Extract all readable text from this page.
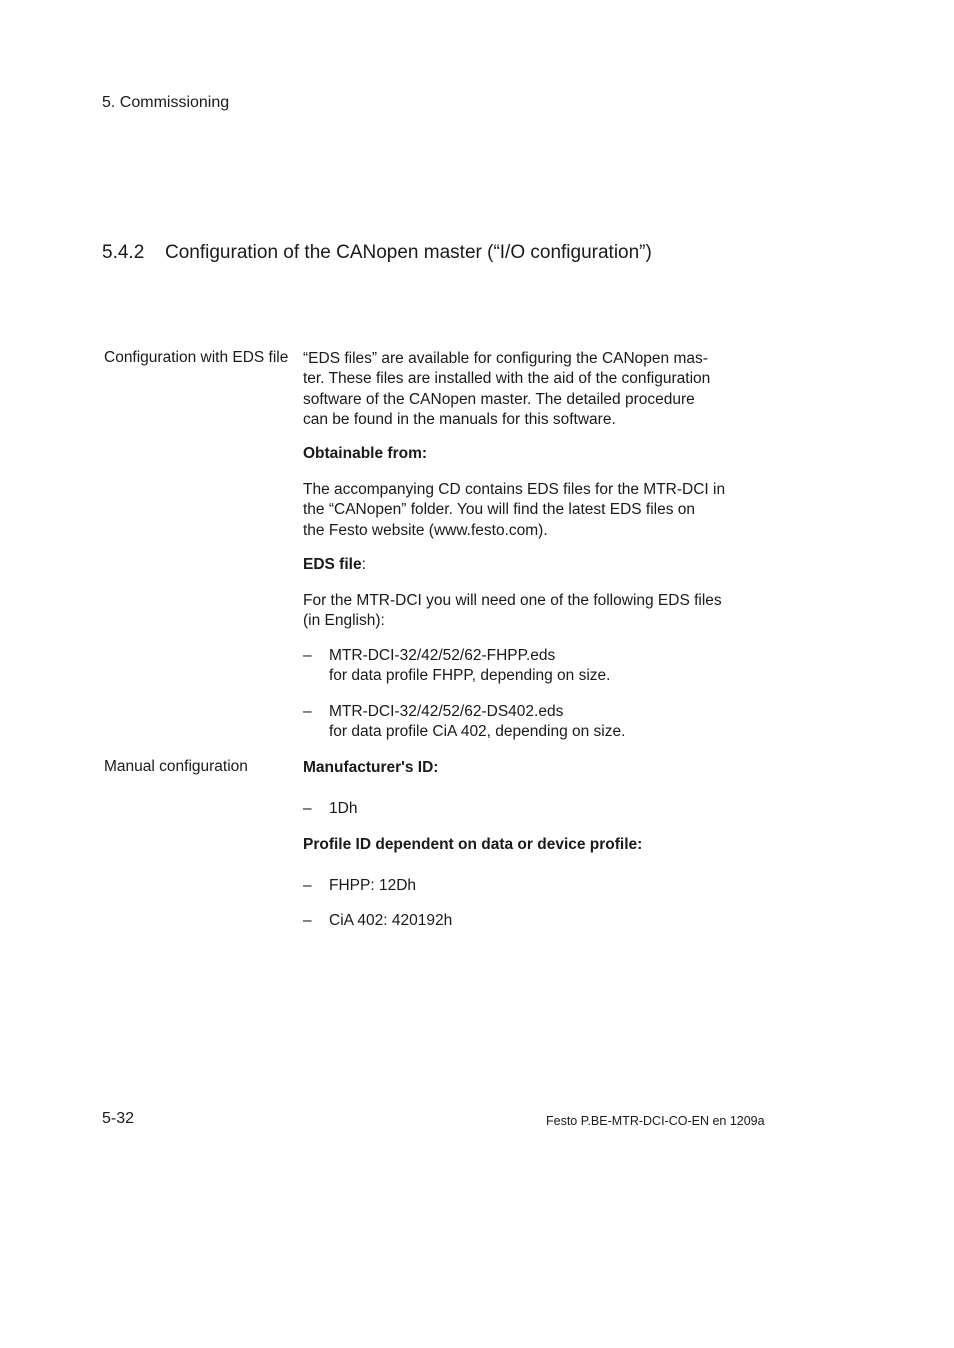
5. Commissioning
5.4.2 Configuration of the CANopen master (“I/O configuration”)
Configuration with EDS file “EDS files” are available for configuring the CANopen mas-
ter. These files are installed with the aid of the configuration
software of the CANopen master. The detailed procedure
can be found in the manuals for this software.
Obtainable from:
The accompanying CD contains EDS files for the MTR-DCI in
the “CANopen” folder. You will find the latest EDS files on
the Festo website (www.festo.com).
EDS file:
For the MTR-DCI you will need one of the following EDS files
(in English):
– MTR-DCI-32/42/52/62-FHPP.eds
for data profile FHPP, depending on size.
– MTR-DCI-32/42/52/62-DS402.eds
for data profile CiA 402, depending on size.
Manual configuration	Manufacturer's ID:
– 1Dh
Profile ID dependent on data or device profile:
– FHPP: 12Dh
– CiA 402: 420192h
5-32	Festo P.BE-MTR-DCI-CO-EN en 1209a
